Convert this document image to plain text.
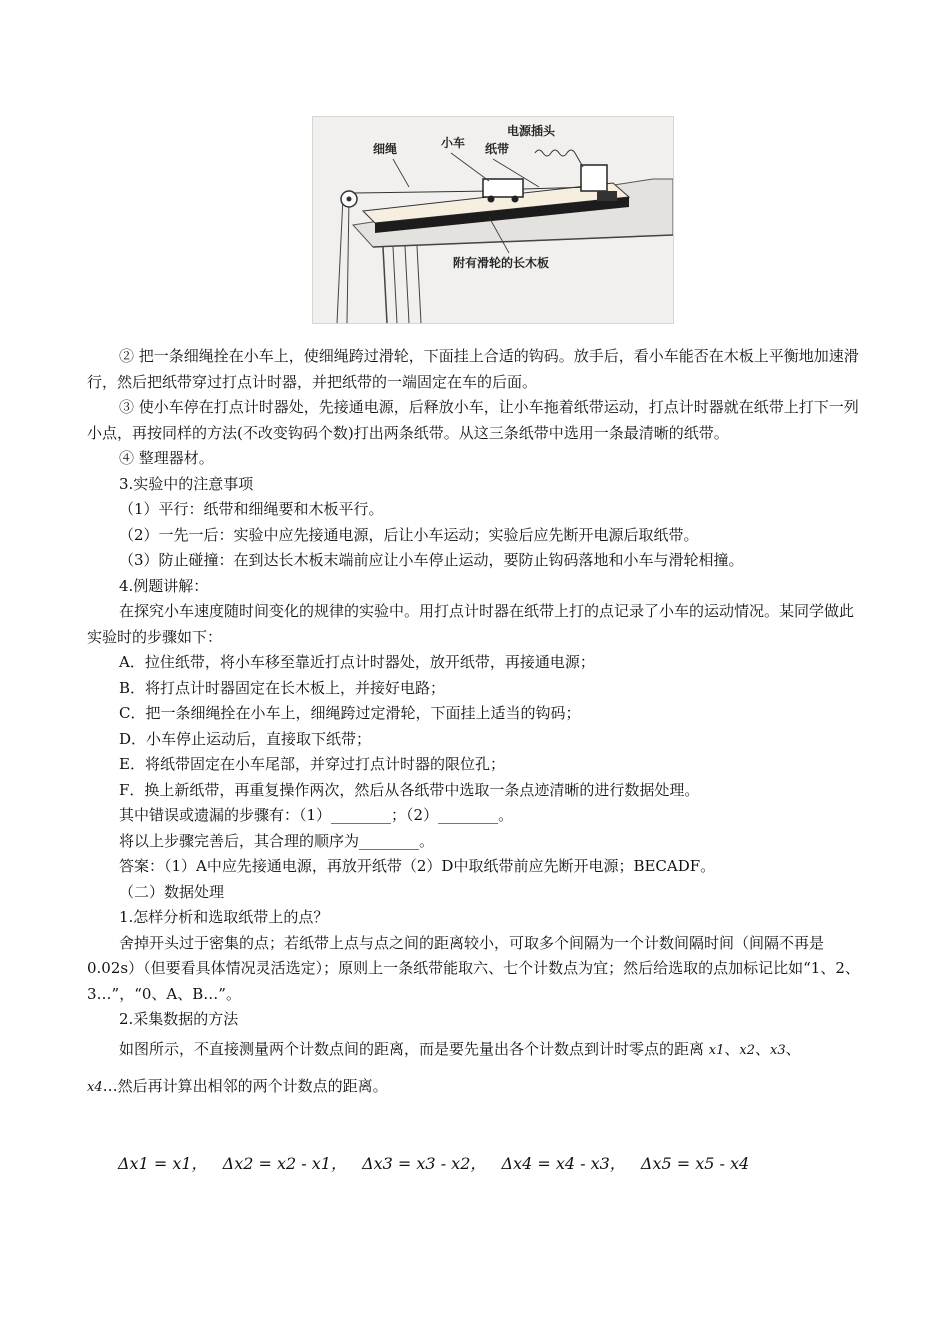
细绳	小车 纸带
电源插头
附有滑轮的长木板

② 把一条细绳拴在小车上，使细绳跨过滑轮，下面挂上合适的钩码。放手后，看小车能否在木板上平衡地加速滑行，然后把纸带穿过打点计时器，并把纸带的一端固定在车的后面。

③ 使小车停在打点计时器处，先接通电源，后释放小车，让小车拖着纸带运动，打点计时器就在纸带上打下一列小点，再按同样的方法(不改变钩码个数)打出两条纸带。从这三条纸带中选用一条最清晰的纸带。

④ 整理器材。

3.实验中的注意事项

（1）平行：纸带和细绳要和木板平行。

（2）一先一后：实验中应先接通电源，后让小车运动；实验后应先断开电源后取纸带。

（3）防止碰撞：在到达长木板末端前应让小车停止运动，要防止钩码落地和小车与滑轮相撞。

4.例题讲解：

在探究小车速度随时间变化的规律的实验中。用打点计时器在纸带上打的点记录了小车的运动情况。某同学做此实验时的步骤如下：

A．拉住纸带，将小车移至靠近打点计时器处，放开纸带，再接通电源；

B．将打点计时器固定在长木板上，并接好电路；

C．把一条细绳拴在小车上，细绳跨过定滑轮，下面挂上适当的钩码；

D．小车停止运动后，直接取下纸带；

E．将纸带固定在小车尾部，并穿过打点计时器的限位孔；

F．换上新纸带，再重复操作两次，然后从各纸带中选取一条点迹清晰的进行数据处理。

其中错误或遗漏的步骤有：（1）________；（2）________。

将以上步骤完善后，其合理的顺序为________。

答案：（1）A中应先接通电源，再放开纸带（2）D中取纸带前应先断开电源；BECADF。

（二）数据处理

1.怎样分析和选取纸带上的点？

舍掉开头过于密集的点；若纸带上点与点之间的距离较小，可取多个间隔为一个计数间隔时间（间隔不再是0.02s）（但要看具体情况灵活选定）；原则上一条纸带能取六、七个计数点为宜；然后给选取的点加标记比如“1、2、3…”，“0、A、B…”。

2.采集数据的方法

如图所示，不直接测量两个计数点间的距离，而是要先量出各个计数点到计时零点的距离 x1、x2、x3、

x4…然后再计算出相邻的两个计数点的距离。

Δx1 = x1， Δx2 = x2 - x1， Δx3 = x3 - x2， Δx4 = x4 - x3， Δx5 = x5 - x4
